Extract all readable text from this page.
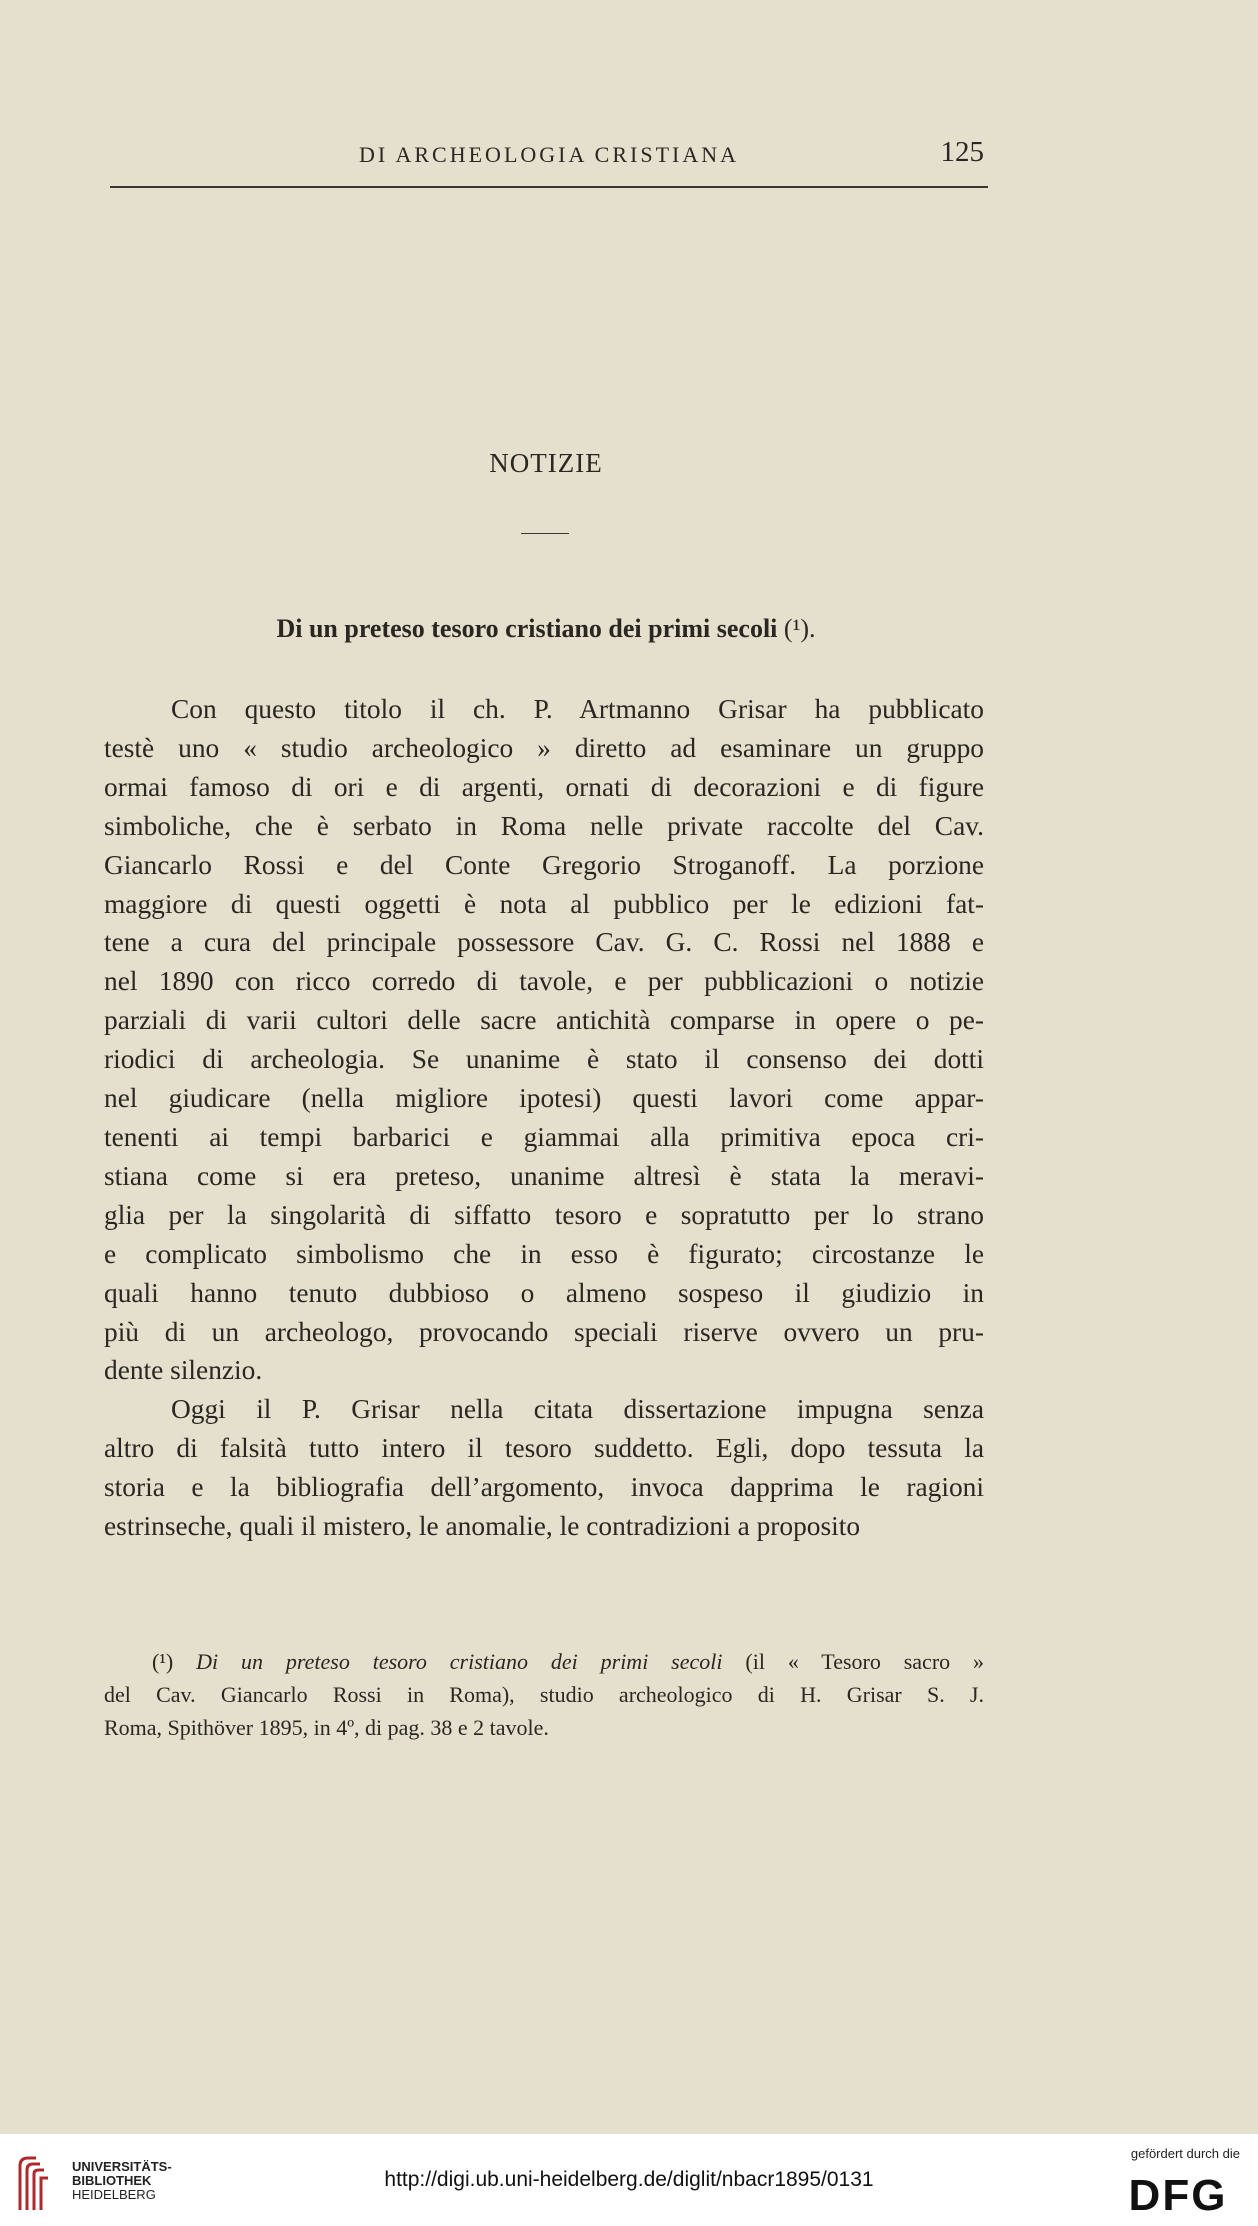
DI ARCHEOLOGIA CRISTIANA	125
NOTIZIE
Di un preteso tesoro cristiano dei primi secoli (¹).

Con questo titolo il ch. P. Artmanno Grisar ha pubblicato
testè uno « studio archeologico » diretto ad esaminare un gruppo
ormai famoso di ori e di argenti, ornati di decorazioni e di figure
simboliche, che è serbato in Roma nelle private raccolte del Cav.
Giancarlo Rossi e del Conte Gregorio Stroganoff. La porzione
maggiore di questi oggetti è nota al pubblico per le edizioni fat-
tene a cura del principale possessore Cav. G. C. Rossi nel 1888 e
nel 1890 con ricco corredo di tavole, e per pubblicazioni o notizie
parziali di varii cultori delle sacre antichità comparse in opere o pe-
riodici di archeologia. Se unanime è stato il consenso dei dotti
nel giudicare (nella migliore ipotesi) questi lavori come appar-
tenenti ai tempi barbarici e giammai alla primitiva epoca cri-
stiana come si era preteso, unanime altresì è stata la meravi-
glia per la singolarità di siffatto tesoro e sopratutto per lo strano
e complicato simbolismo che in esso è figurato; circostanze le
quali hanno tenuto dubbioso o almeno sospeso il giudizio in
più di un archeologo, provocando speciali riserve ovvero un pru-
dente silenzio.

Oggi il P. Grisar nella citata dissertazione impugna senza
altro di falsità tutto intero il tesoro suddetto. Egli, dopo tessuta la
storia e la bibliografia dell’argomento, invoca dapprima le ragioni
estrinseche, quali il mistero, le anomalie, le contradizioni a proposito

(¹) Di un preteso tesoro cristiano dei primi secoli (il « Tesoro sacro »
del Cav. Giancarlo Rossi in Roma), studio archeologico di H. Grisar S. J.
Roma, Spithöver 1895, in 4º, di pag. 38 e 2 tavole.
UNIVERSITÄTS-
BIBLIOTHEK
HEIDELBERG
http://digi.ub.uni-heidelberg.de/diglit/nbacr1895/0131
gefördert durch die
DFG
